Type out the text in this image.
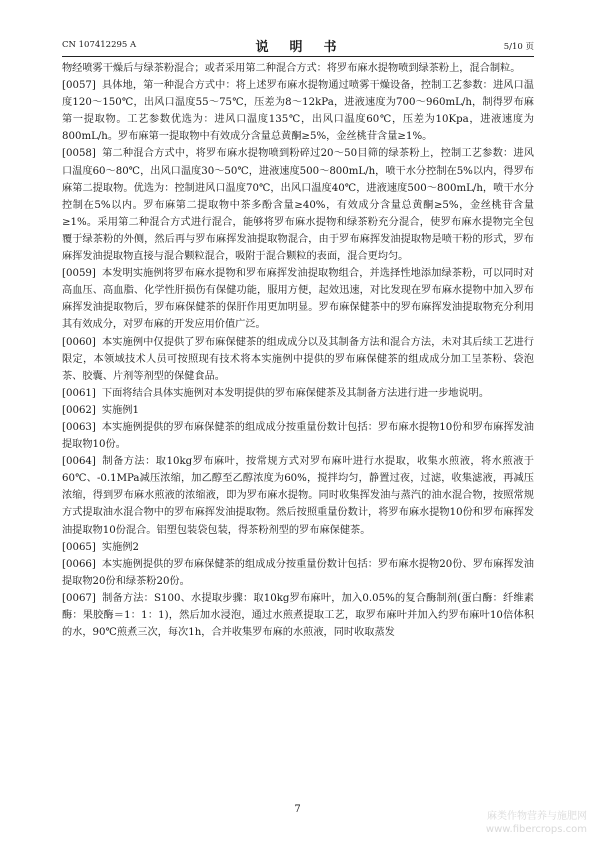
CN 107412295 A	说　明　书	5/10 页

物经喷雾干燥后与绿茶粉混合；或者采用第二种混合方式：将罗布麻水提物喷到绿茶粉上，混合制粒。

[0057] 具体地，第一种混合方式中：将上述罗布麻水提物通过喷雾干燥设备，控制工艺参数：进风口温度120～150℃，出风口温度55～75℃，压差为8～12kPa，进液速度为700～960mL/h，制得罗布麻第一提取物。工艺参数优选为：进风口温度135℃，出风口温度60℃，压差为10Kpa，进液速度为800mL/h。罗布麻第一提取物中有效成分含量总黄酮≥5%，金丝桃苷含量≥1%。

[0058] 第二种混合方式中，将罗布麻水提物喷到粉碎过20～50目筛的绿茶粉上，控制工艺参数：进风口温度60～80℃，出风口温度30～50℃，进液速度500～800mL/h，喷干水分控制在5%以内，得罗布麻第二提取物。优选为：控制进风口温度70℃，出风口温度40℃，进液速度500～800mL/h，喷干水分控制在5%以内。罗布麻第二提取物中茶多酚含量≥40%，有效成分含量总黄酮≥5%，金丝桃苷含量≥1%。采用第二种混合方式进行混合，能够将罗布麻水提物和绿茶粉充分混合，使罗布麻水提物完全包覆于绿茶粉的外侧，然后再与罗布麻挥发油提取物混合，由于罗布麻挥发油提取物是喷干粉的形式，罗布麻挥发油提取物直接与混合颗粒混合，吸附于混合颗粒的表面，混合更均匀。

[0059] 本发明实施例将罗布麻水提物和罗布麻挥发油提取物组合，并选择性地添加绿茶粉，可以同时对高血压、高血脂、化学性肝损伤有保健功能，服用方便，起效迅速，对比发现在罗布麻水提物中加入罗布麻挥发油提取物后，罗布麻保健茶的保肝作用更加明显。罗布麻保健茶中的罗布麻挥发油提取物充分利用其有效成分，对罗布麻的开发应用价值广泛。

[0060] 本实施例中仅提供了罗布麻保健茶的组成成分以及其制备方法和混合方法，未对其后续工艺进行限定，本领域技术人员可按照现有技术将本实施例中提供的罗布麻保健茶的组成成分加工呈茶粉、袋泡茶、胶囊、片剂等剂型的保健食品。

[0061] 下面将结合具体实施例对本发明提供的罗布麻保健茶及其制备方法进行进一步地说明。

[0062] 实施例1

[0063] 本实施例提供的罗布麻保健茶的组成成分按重量份数计包括：罗布麻水提物10份和罗布麻挥发油提取物10份。

[0064] 制备方法：取10kg罗布麻叶，按常规方式对罗布麻叶进行水提取，收集水煎液，将水煎液于60℃、-0.1MPa减压浓缩，加乙醇至乙醇浓度为60%，搅拌均匀，静置过夜，过滤，收集滤液，再减压浓缩，得到罗布麻水煎液的浓缩液，即为罗布麻水提物。同时收集挥发油与蒸汽的油水混合物，按照常规方式提取油水混合物中的罗布麻挥发油提取物。然后按照重量份数计，将罗布麻水提物10份和罗布麻挥发油提取物10份混合。铝塑包装袋包装，得茶粉剂型的罗布麻保健茶。

[0065] 实施例2

[0066] 本实施例提供的罗布麻保健茶的组成成分按重量份数计包括：罗布麻水提物20份、罗布麻挥发油提取物20份和绿茶粉20份。

[0067] 制备方法：S100、水提取步骤：取10kg罗布麻叶，加入0.05%的复合酶制剂(蛋白酶：纤维素酶：果胶酶＝1：1：1)，然后加水浸泡，通过水煎煮提取工艺，取罗布麻叶并加入约罗布麻叶10倍体积的水，90℃煎煮三次，每次1h，合并收集罗布麻的水煎液，同时收取蒸发

7
麻类作物营养与施肥网
www.fibercrops.com
